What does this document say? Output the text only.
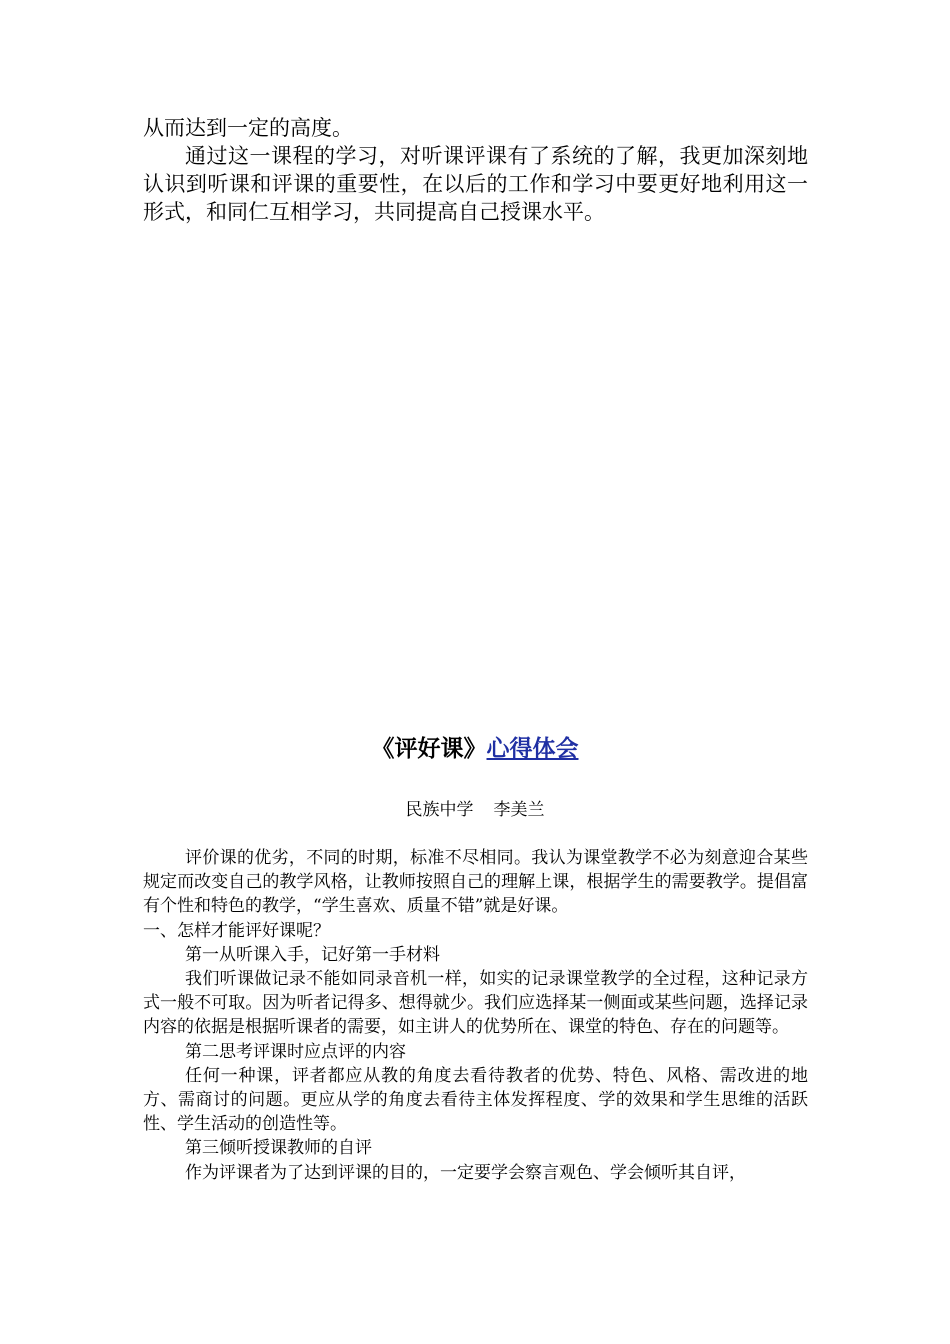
从而达到一定的高度。

通过这一课程的学习，对听课评课有了系统的了解，我更加深刻地认识到听课和评课的重要性，在以后的工作和学习中要更好地利用这一形式，和同仁互相学习，共同提高自己授课水平。

《评好课》心得体会
民族中学 李美兰

评价课的优劣，不同的时期，标准不尽相同。我认为课堂教学不必为刻意迎合某些规定而改变自己的教学风格，让教师按照自己的理解上课，根据学生的需要教学。提倡富有个性和特色的教学，“学生喜欢、质量不错”就是好课。

一、怎样才能评好课呢？

第一从听课入手，记好第一手材料

我们听课做记录不能如同录音机一样，如实的记录课堂教学的全过程，这种记录方式一般不可取。因为听者记得多、想得就少。我们应选择某一侧面或某些问题，选择记录内容的依据是根据听课者的需要，如主讲人的优势所在、课堂的特色、存在的问题等。

第二思考评课时应点评的内容

任何一种课，评者都应从教的角度去看待教者的优势、特色、风格、需改进的地方、需商讨的问题。更应从学的角度去看待主体发挥程度、学的效果和学生思维的活跃性、学生活动的创造性等。

第三倾听授课教师的自评

作为评课者为了达到评课的目的，一定要学会察言观色、学会倾听其自评，
